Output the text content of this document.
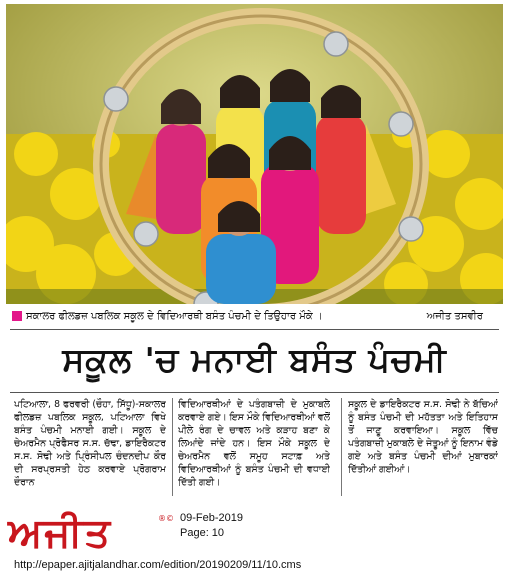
ਸਕਾਲਰ ਫੀਲਡਜ਼ ਪਬਲਿਕ ਸਕੂਲ ਦੇ ਵਿਦਿਆਰਥੀ ਬਸੰਤ ਪੰਚਮੀ ਦੇ ਤਿਉਹਾਰ ਮੌਕੇ ।	ਅਜੀਤ ਤਸਵੀਰ
ਸਕੂਲ 'ਚ ਮਨਾਈ ਬਸੰਤ ਪੰਚਮੀ
ਪਟਿਆਲਾ, 8 ਫਰਵਰੀ (ਚੌਹਾ, ਸਿੱਧੂ)-ਸਕਾਲਰ ਫੀਲਡਜ਼ ਪਬਲਿਕ ਸਕੂਲ, ਪਟਿਆਲਾ ਵਿਖੇ ਬਸੰਤ ਪੰਚਮੀ ਮਨਾਈ ਗਈ। ਸਕੂਲ ਦੇ ਚੇਅਰਮੈਨ ਪ੍ਰੋਫੈਸਰ ਸ.ਸ. ਚੱਢਾ, ਡਾਇਰੈਕਟਰ ਸ.ਸ. ਸੋਢੀ ਅਤੇ ਪ੍ਰਿੰਸੀਪਲ ਚੰਦਨਦੀਪ ਕੌਰ ਦੀ ਸਰਪ੍ਰਸਤੀ ਹੇਠ ਕਰਵਾਏ ਪ੍ਰੋਗਰਾਮ ਦੌਰਾਨ
ਵਿਦਿਆਰਥੀਆਂ ਦੇ ਪਤੰਗਬਾਜ਼ੀ ਦੇ ਮੁਕਾਬਲੇ ਕਰਵਾਏ ਗਏ। ਇਸ ਮੌਕੇ ਵਿਦਿਆਰਥੀਆਂ ਵਲੋਂ ਪੀਲੇ ਰੰਗ ਦੇ ਚਾਵਲ ਅਤੇ ਕੜਾਹ ਬਣਾ ਕੇ ਲਿਆਂਦੇ ਜਾਂਦੇ ਹਨ। ਇਸ ਮੌਕੇ ਸਕੂਲ ਦੇ ਚੇਅਰਮੈਨ ਵਲੋਂ ਸਮੂਹ ਸਟਾਫ਼ ਅਤੇ ਵਿਦਿਆਰਥੀਆਂ ਨੂੰ ਬਸੰਤ ਪੰਚਮੀ ਦੀ ਵਧਾਈ ਦਿੱਤੀ ਗਈ।
ਸਕੂਲ ਦੇ ਡਾਇਰੈਕਟਰ ਸ.ਸ. ਸੋਢੀ ਨੇ ਬੱਚਿਆਂ ਨੂੰ ਬਸੰਤ ਪੰਚਮੀ ਦੀ ਮਹੱਤਤਾ ਅਤੇ ਇਤਿਹਾਸ ਤੋਂ ਜਾਣੂ ਕਰਵਾਇਆ। ਸਕੂਲ ਵਿੱਚ ਪਤੰਗਬਾਜ਼ੀ ਮੁਕਾਬਲੇ ਦੇ ਜੇਤੂਆਂ ਨੂੰ ਇਨਾਮ ਵੰਡੇ ਗਏ ਅਤੇ ਬਸੰਤ ਪੰਚਮੀ ਦੀਆਂ ਮੁਬਾਰਕਾਂ ਦਿੱਤੀਆਂ ਗਈਆਂ।
ਅਜੀਤ	®© 09-Feb-2019
Page: 10
http://epaper.ajitjalandhar.com/edition/20190209/11/10.cms
